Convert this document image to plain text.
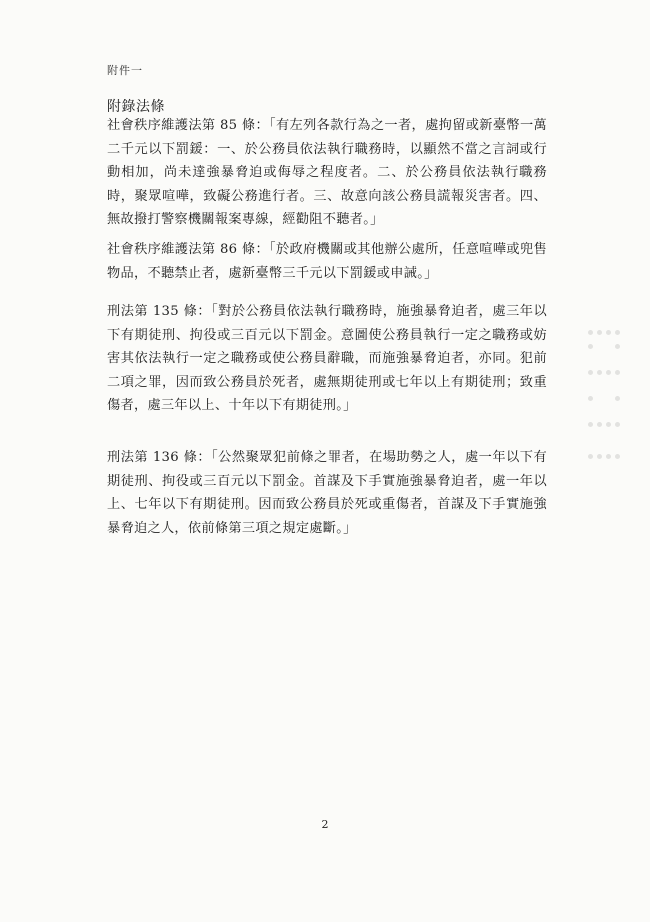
附件一
附錄法條
社會秩序維護法第 85 條：「有左列各款行為之一者，處拘留或新臺幣一萬二千元以下罰鍰：一、於公務員依法執行職務時，以顯然不當之言詞或行動相加，尚未達強暴脅迫或侮辱之程度者。二、於公務員依法執行職務時，聚眾喧嘩，致礙公務進行者。三、故意向該公務員謊報災害者。四、無故撥打警察機關報案專線，經勸阻不聽者。」
社會秩序維護法第 86 條：「於政府機關或其他辦公處所，任意喧嘩或兜售物品，不聽禁止者，處新臺幣三千元以下罰鍰或申誡。」
刑法第 135 條：「對於公務員依法執行職務時，施強暴脅迫者，處三年以下有期徒刑、拘役或三百元以下罰金。意圖使公務員執行一定之職務或妨害其依法執行一定之職務或使公務員辭職，而施強暴脅迫者，亦同。犯前二項之罪，因而致公務員於死者，處無期徒刑或七年以上有期徒刑；致重傷者，處三年以上、十年以下有期徒刑。」
刑法第 136 條：「公然聚眾犯前條之罪者，在場助勢之人，處一年以下有期徒刑、拘役或三百元以下罰金。首謀及下手實施強暴脅迫者，處一年以上、七年以下有期徒刑。因而致公務員於死或重傷者，首謀及下手實施強暴脅迫之人，依前條第三項之規定處斷。」
2
